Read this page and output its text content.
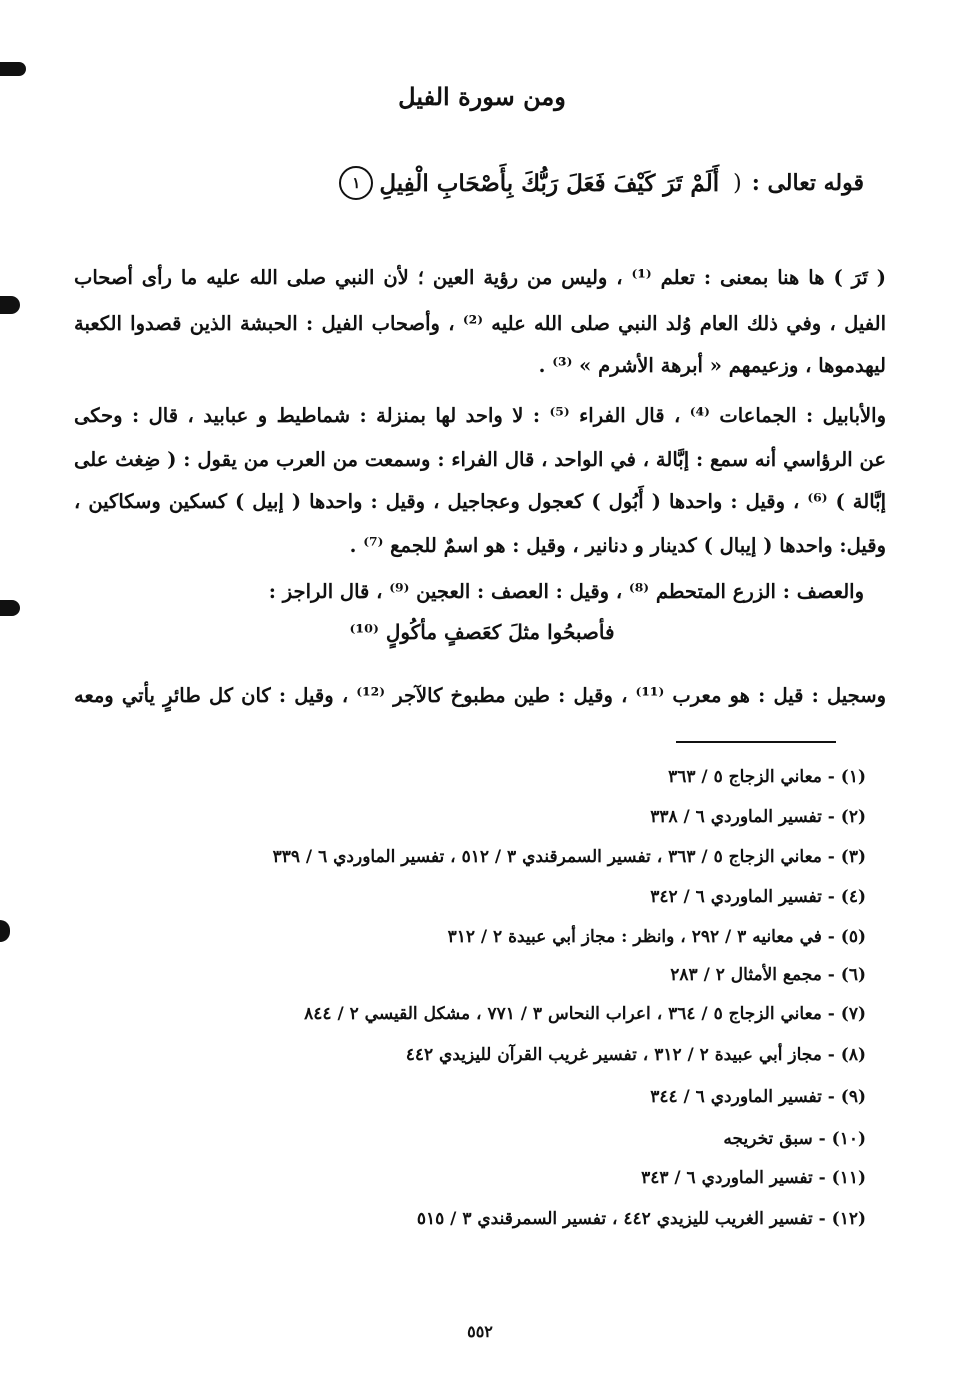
ومن سورة الفيل
قوله تعالى :
(
أَلَمْ تَرَ كَيْفَ فَعَلَ رَبُّكَ بِأَصْحَابِ الْفِيلِ
١
( تَرَ ) ها هنا بمعنى : تعلم ⁽¹⁾ ، وليس من رؤية العين ؛ لأن النبي صلى الله عليه ما رأى أصحاب
الفيل ، وفي ذلك العام وُلد النبي صلى الله عليه ⁽²⁾ ، وأصحاب الفيل : الحبشة الذين قصدوا الكعبة
ليهدموها ، وزعيمهم « أبرهة الأشرم » ⁽³⁾ .
والأبابيل : الجماعات ⁽⁴⁾ ، قال الفراء ⁽⁵⁾ : لا واحد لها بمنزلة : شماطيط و عبابيد ، قال : وحكى
عن الرؤاسي أنه سمع : إبَّالة ، في الواحد ، قال الفراء : وسمعت من العرب من يقول : ( ضِغث على
إبَّالة ) ⁽⁶⁾ ، وقيل : واحدها ( أَبُول ) كعجول وعجاجيل ، وقيل : واحدها ( إبيل ) كسكين وسكاكين ،
وقيل: واحدها ( إيبال ) كدينار و دنانير ، وقيل : هو اسمٌ للجمع ⁽⁷⁾ .
والعصف : الزرع المتحطم ⁽⁸⁾ ، وقيل : العصف : العجين ⁽⁹⁾ ، قال الراجز :
فأصبحُوا مثلَ كعَصفٍ مأكُولٍ ⁽¹⁰⁾
وسجيل : قيل : هو معرب ⁽¹¹⁾ ، وقيل : طين مطبوخ كالآجر ⁽¹²⁾ ، وقيل : كان كل طائرٍ يأتي ومعه
(١) - معاني الزجاج ٥ / ٣٦٣
(٢) - تفسير الماوردي ٦ / ٣٣٨
(٣) - معاني الزجاج ٥ / ٣٦٣ ، تفسير السمرقندي ٣ / ٥١٢ ، تفسير الماوردي ٦ / ٣٣٩
(٤) - تفسير الماوردي ٦ / ٣٤٢
(٥) - في معانيه ٣ / ٢٩٢ ، وانظر : مجاز أبي عبيدة ٢ / ٣١٢
(٦) - مجمع الأمثال ٢ / ٢٨٣
(٧) - معاني الزجاج ٥ / ٣٦٤ ، اعراب النحاس ٣ / ٧٧١ ، مشكل القيسي ٢ / ٨٤٤
(٨) - مجاز أبي عبيدة ٢ / ٣١٢ ، تفسير غريب القرآن لليزيدي ٤٤٢
(٩) - تفسير الماوردي ٦ / ٣٤٤
(١٠) - سبق تخريجه
(١١) - تفسير الماوردي ٦ / ٣٤٣
(١٢) - تفسير الغريب لليزيدي ٤٤٢ ، تفسير السمرقندي ٣ / ٥١٥
٥٥٢
